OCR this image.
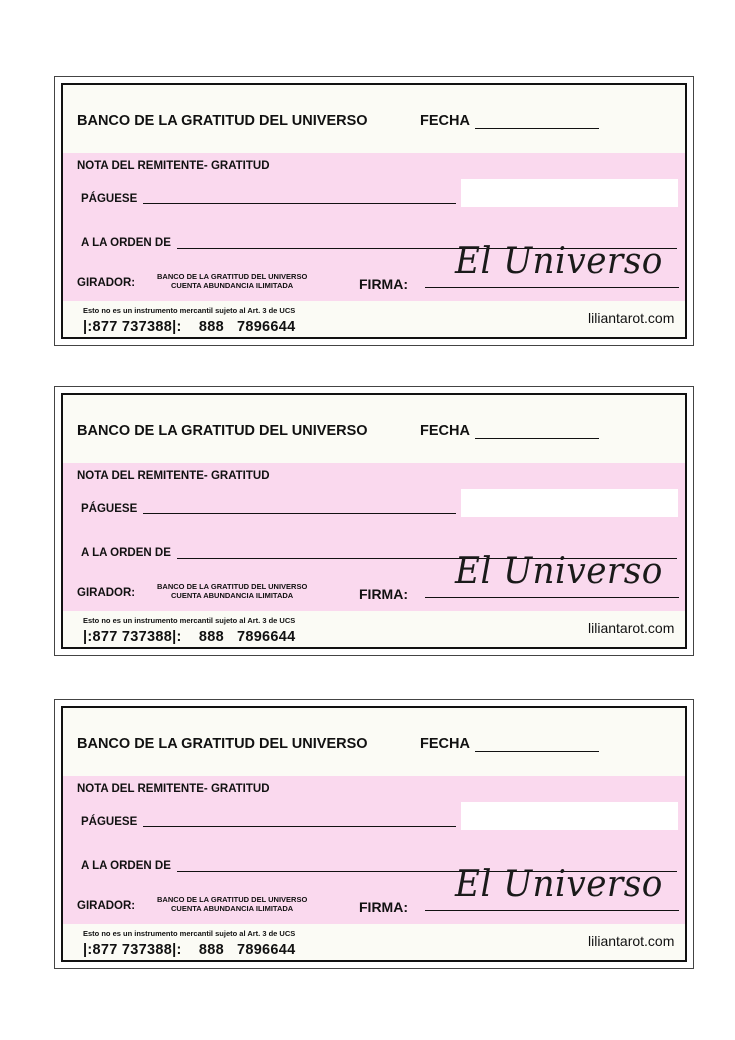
BANCO DE LA GRATITUD DEL UNIVERSO	FECHA
NOTA DEL REMITENTE- GRATITUD
PÁGUESE
A LA ORDEN DE
GIRADOR:
BANCO DE LA GRATITUD DEL UNIVERSO
CUENTA ABUNDANCIA ILIMITADA	FIRMA:
El Universo
Esto no es un instrumento mercantil sujeto al Art. 3 de UCS
|:877 737388|:    888   7896644
liliantarot.com
BANCO DE LA GRATITUD DEL UNIVERSO	FECHA
NOTA DEL REMITENTE- GRATITUD
PÁGUESE
A LA ORDEN DE
GIRADOR:
BANCO DE LA GRATITUD DEL UNIVERSO
CUENTA ABUNDANCIA ILIMITADA	FIRMA:
El Universo
Esto no es un instrumento mercantil sujeto al Art. 3 de UCS
|:877 737388|:    888   7896644
liliantarot.com
BANCO DE LA GRATITUD DEL UNIVERSO	FECHA
NOTA DEL REMITENTE- GRATITUD
PÁGUESE
A LA ORDEN DE
GIRADOR:
BANCO DE LA GRATITUD DEL UNIVERSO
CUENTA ABUNDANCIA ILIMITADA	FIRMA:
El Universo
Esto no es un instrumento mercantil sujeto al Art. 3 de UCS
|:877 737388|:    888   7896644
liliantarot.com
